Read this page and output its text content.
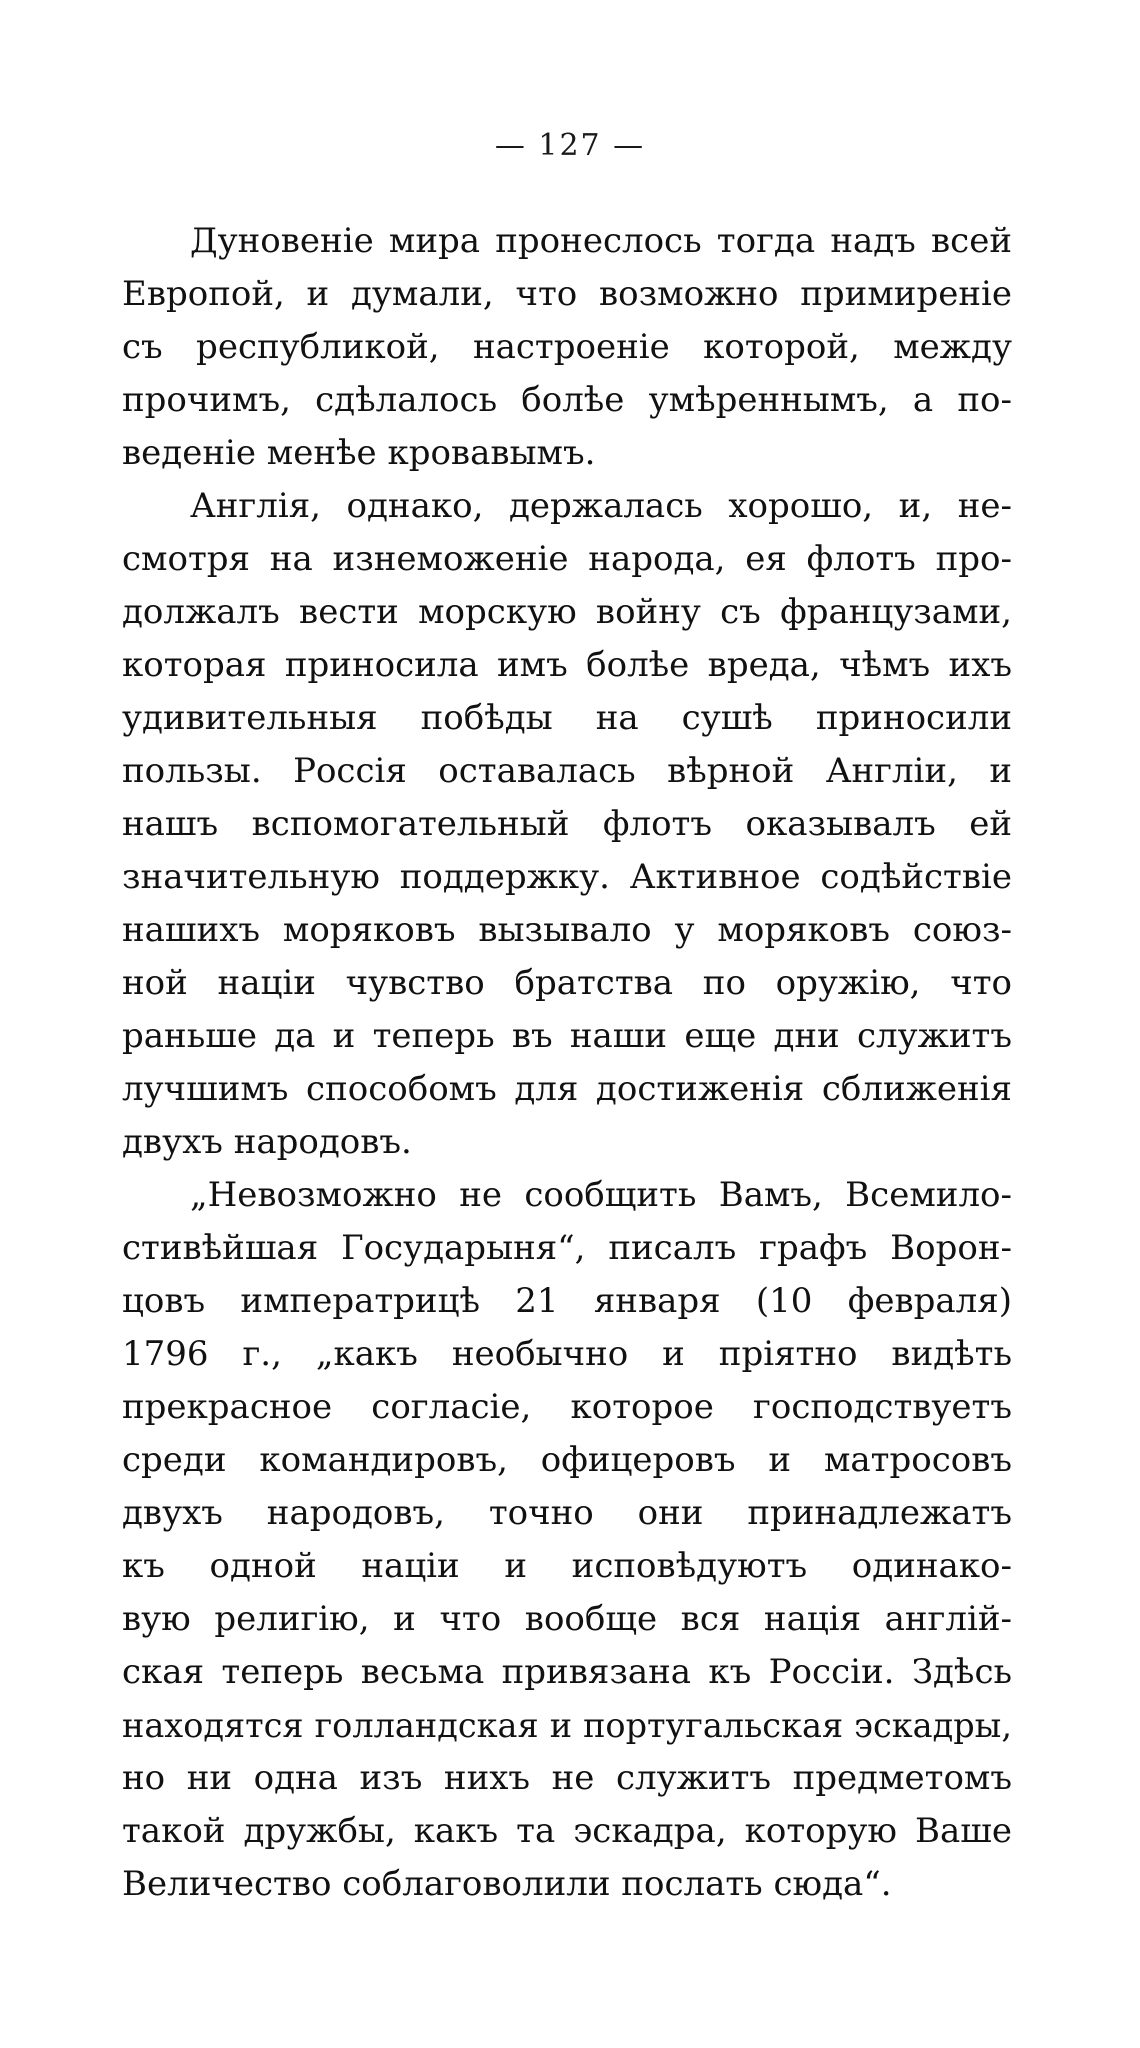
— 127 —
Дуновенiе мира пронеслось тогда надъ всей
Европой, и думали, что возможно примиренiе
съ республикой, настроенiе которой, между
прочимъ, сдѣлалось болѣе умѣреннымъ, а по-
веденiе менѣе кровавымъ.
Англiя, однако, держалась хорошо, и, не-
смотря на изнеможенiе народа, ея флотъ про-
должалъ вести морскую войну съ французами,
которая приносила имъ болѣе вреда, чѣмъ ихъ
удивительныя побѣды на сушѣ приносили
пользы. Россiя оставалась вѣрной Англiи, и
нашъ вспомогательный флотъ оказывалъ ей
значительную поддержку. Активное содѣйствiе
нашихъ моряковъ вызывало у моряковъ союз-
ной нацiи чувство братства по оружiю, что
раньше да и теперь въ наши еще дни служитъ
лучшимъ способомъ для достиженiя сближенiя
двухъ народовъ.
„Невозможно не сообщить Вамъ, Всемило-
стивѣйшая Государыня“, писалъ графъ Ворон-
цовъ императрицѣ 21 января (10 февраля)
1796 г., „какъ необычно и прiятно видѣть
прекрасное согласiе, которое господствуетъ
среди командировъ, офицеровъ и матросовъ
двухъ народовъ, точно они принадлежатъ
къ одной нацiи и исповѣдуютъ одинако-
вую религiю, и что вообще вся нацiя англiй-
ская теперь весьма привязана къ Россiи. Здѣсь
находятся голландская и португальская эскадры,
но ни одна изъ нихъ не служитъ предметомъ
такой дружбы, какъ та эскадра, которую Ваше
Величество соблаговолили послать сюда“.
